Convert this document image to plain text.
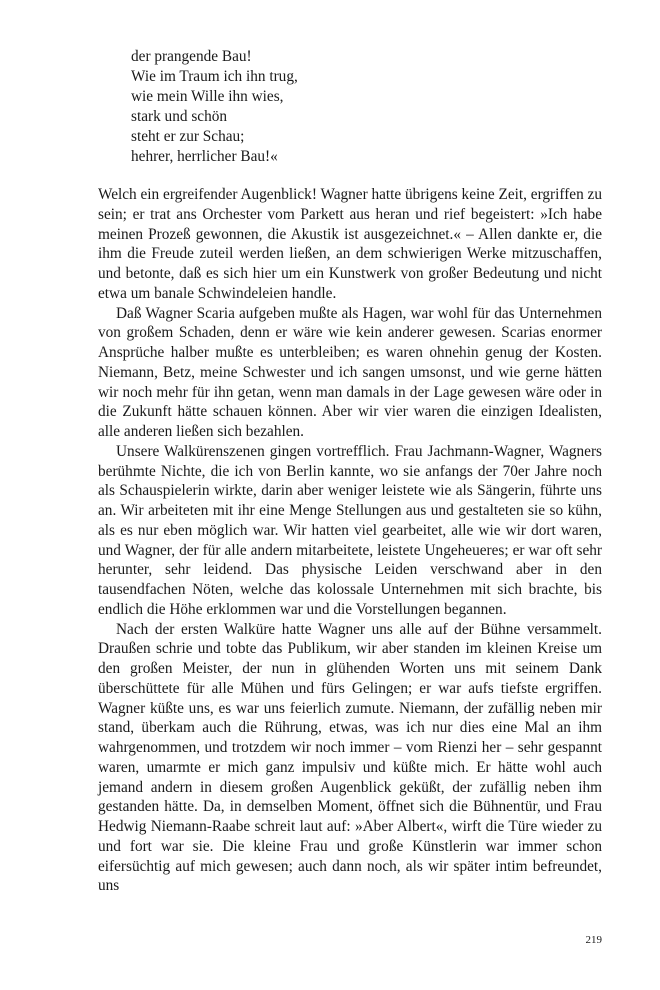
der prangende Bau!
Wie im Traum ich ihn trug,
wie mein Wille ihn wies,
stark und schön
steht er zur Schau;
hehrer, herrlicher Bau!«

Welch ein ergreifender Augenblick! Wagner hatte übrigens keine Zeit, ergriffen zu sein; er trat ans Orchester vom Parkett aus heran und rief begeistert: »Ich habe meinen Prozeß gewonnen, die Akustik ist ausgezeichnet.« – Allen dankte er, die ihm die Freude zuteil werden ließen, an dem schwierigen Werke mitzuschaffen, und betonte, daß es sich hier um ein Kunstwerk von großer Bedeutung und nicht etwa um banale Schwindeleien handle.

Daß Wagner Scaria aufgeben mußte als Hagen, war wohl für das Unternehmen von großem Schaden, denn er wäre wie kein anderer gewesen. Scarias enormer Ansprüche halber mußte es unterbleiben; es waren ohnehin genug der Kosten. Niemann, Betz, meine Schwester und ich sangen umsonst, und wie gerne hätten wir noch mehr für ihn getan, wenn man damals in der Lage gewesen wäre oder in die Zukunft hätte schauen können. Aber wir vier waren die einzigen Idealisten, alle anderen ließen sich bezahlen.

Unsere Walkürenszenen gingen vortrefflich. Frau Jachmann-Wagner, Wagners berühmte Nichte, die ich von Berlin kannte, wo sie anfangs der 70er Jahre noch als Schauspielerin wirkte, darin aber weniger leistete wie als Sängerin, führte uns an. Wir arbeiteten mit ihr eine Menge Stellungen aus und gestalteten sie so kühn, als es nur eben möglich war. Wir hatten viel gearbeitet, alle wie wir dort waren, und Wagner, der für alle andern mitarbeitete, leistete Ungeheueres; er war oft sehr herunter, sehr leidend. Das physische Leiden verschwand aber in den tausendfachen Nöten, welche das kolossale Unternehmen mit sich brachte, bis endlich die Höhe erklommen war und die Vorstellungen begannen.

Nach der ersten Walküre hatte Wagner uns alle auf der Bühne versammelt. Draußen schrie und tobte das Publikum, wir aber standen im kleinen Kreise um den großen Meister, der nun in glühenden Worten uns mit seinem Dank überschüttete für alle Mühen und fürs Gelingen; er war aufs tiefste ergriffen. Wagner küßte uns, es war uns feierlich zumute. Niemann, der zufällig neben mir stand, überkam auch die Rührung, etwas, was ich nur dies eine Mal an ihm wahrgenommen, und trotzdem wir noch immer – vom Rienzi her – sehr gespannt waren, umarmte er mich ganz impulsiv und küßte mich. Er hätte wohl auch jemand andern in diesem großen Augenblick geküßt, der zufällig neben ihm gestanden hätte. Da, in demselben Moment, öffnet sich die Bühnentür, und Frau Hedwig Niemann-Raabe schreit laut auf: »Aber Albert«, wirft die Türe wieder zu und fort war sie. Die kleine Frau und große Künstlerin war immer schon eifersüchtig auf mich gewesen; auch dann noch, als wir später intim befreundet, uns

219
